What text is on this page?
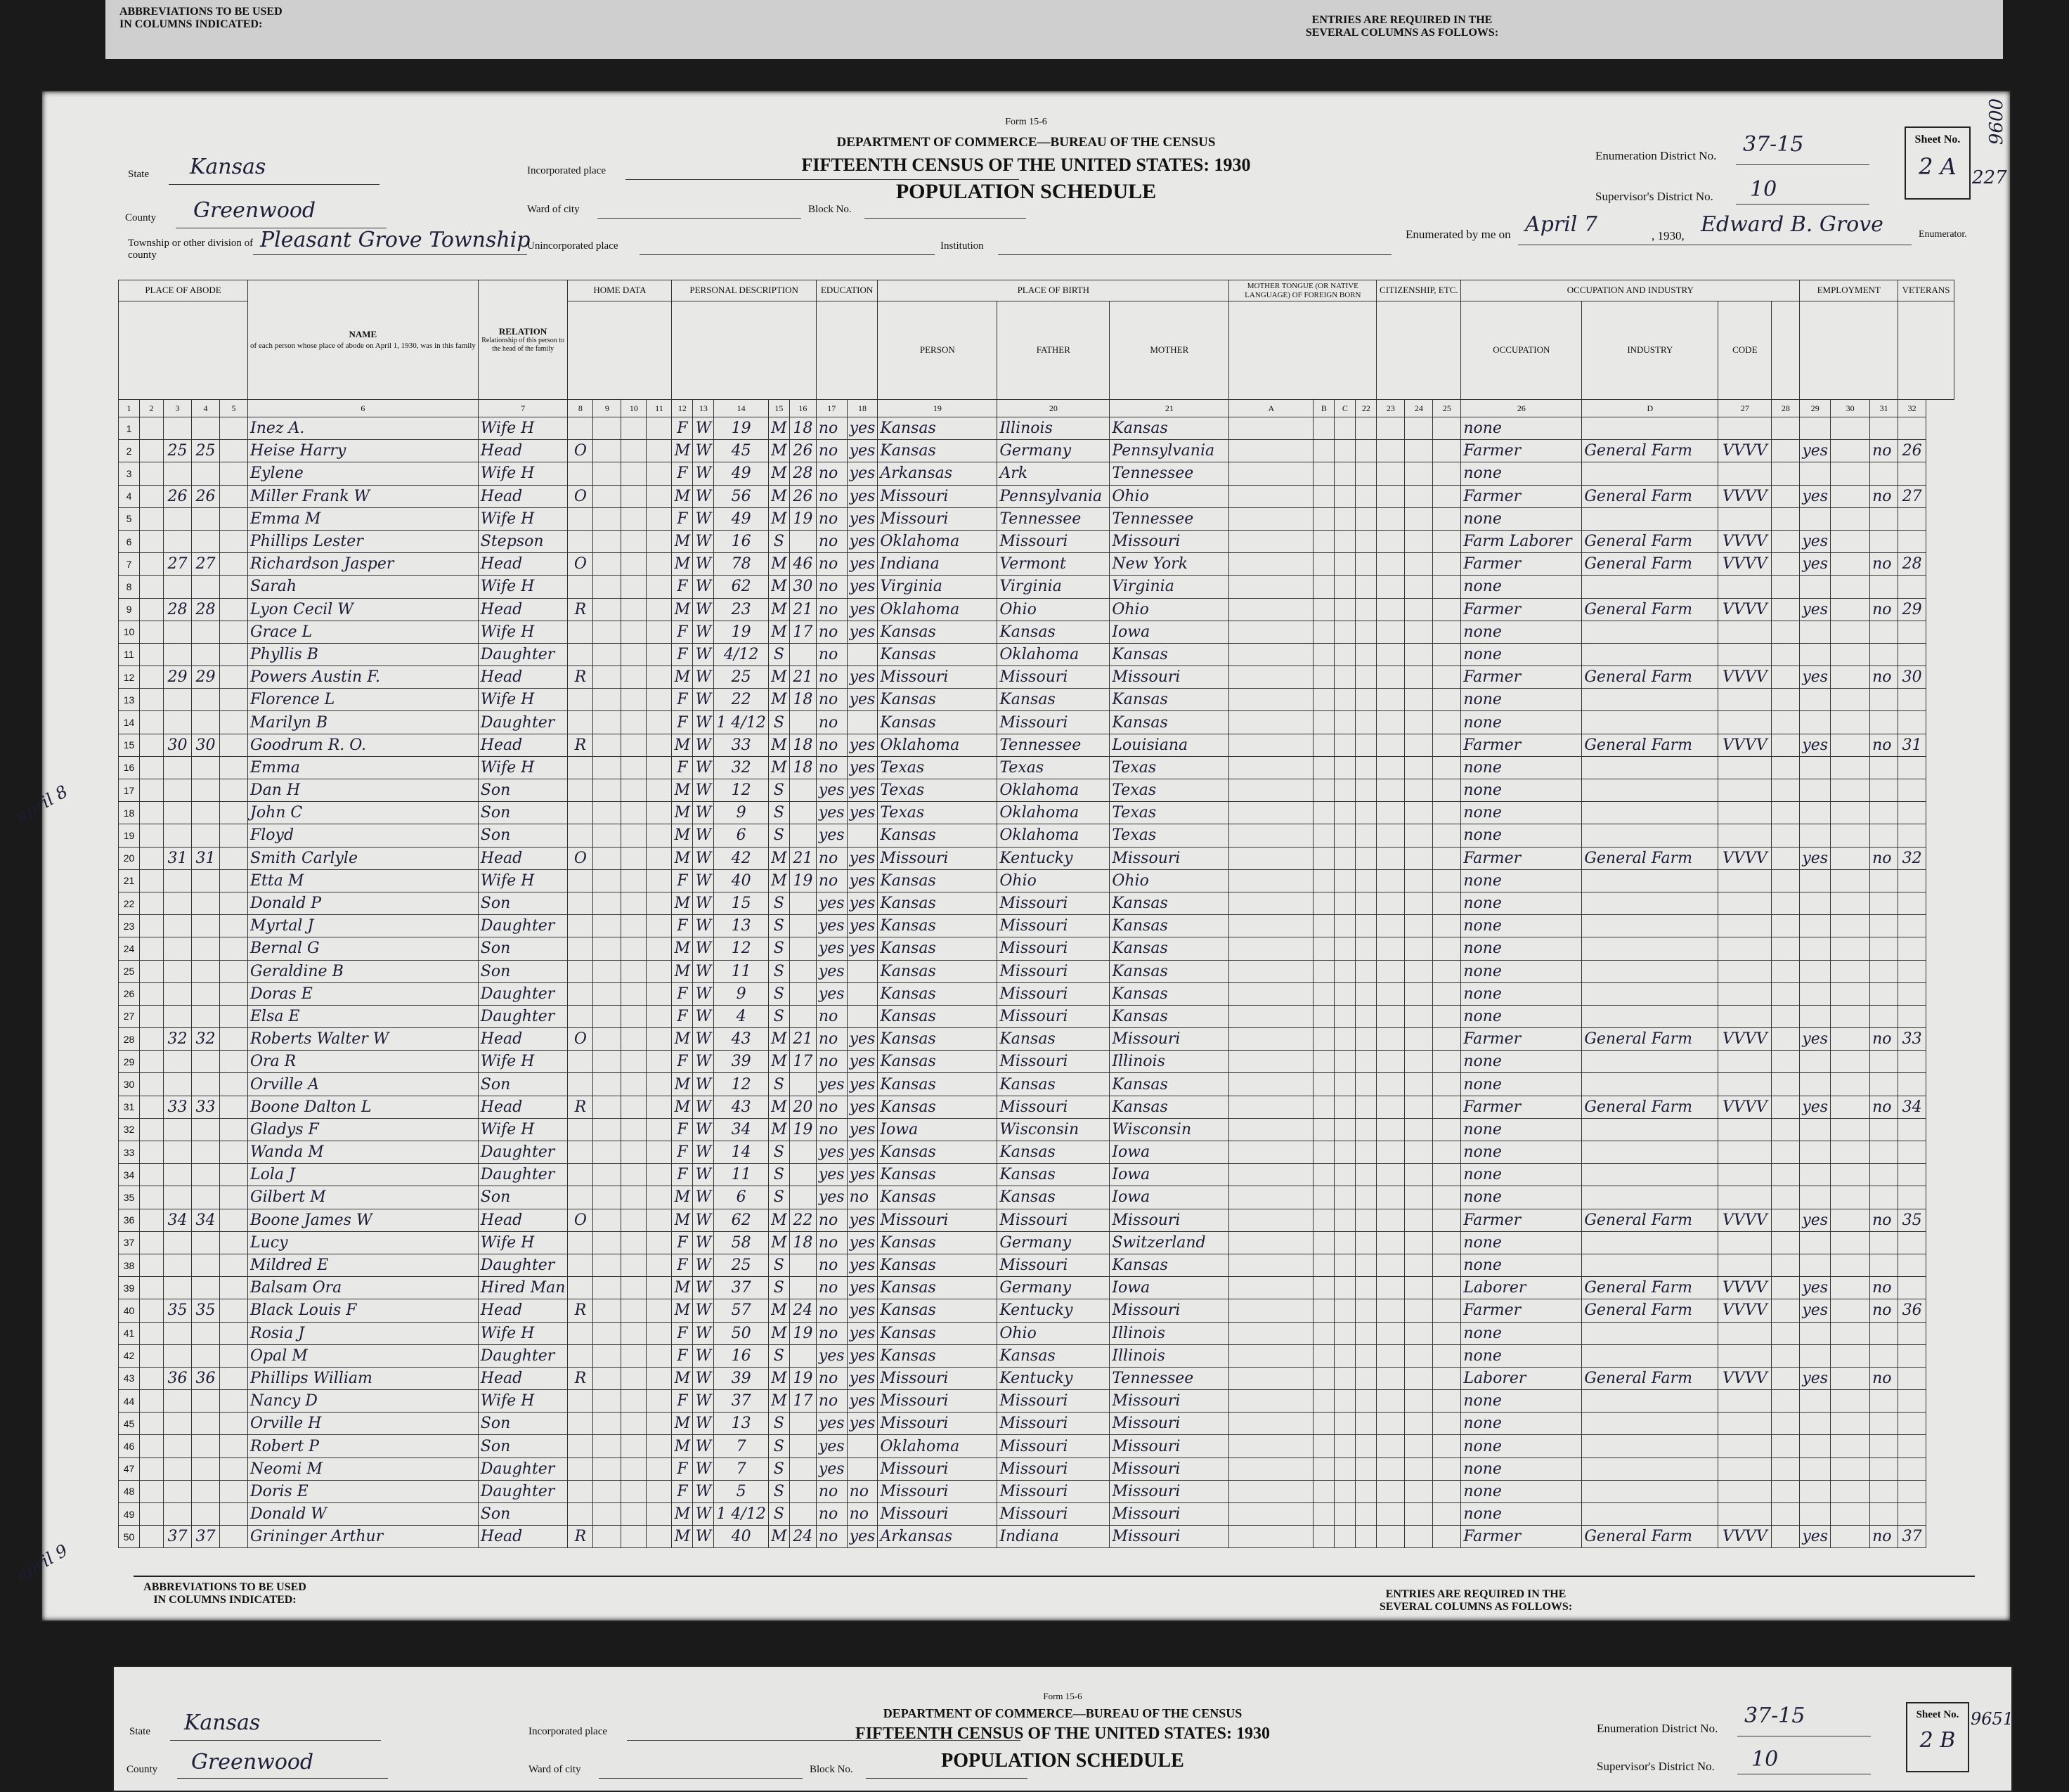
ABBREVIATIONS TO BE USED IN COLUMNS INDICATED:	ENTRIES ARE REQUIRED IN THE SEVERAL COLUMNS AS FOLLOWS:
Form 15-6
DEPARTMENT OF COMMERCE—BUREAU OF THE CENSUS
FIFTEENTH CENSUS OF THE UNITED STATES: 1930
POPULATION SCHEDULE
State Kansas
County Greenwood
Township or other division of county
Pleasant Grove Township
Incorporated place
Ward of city	Block No.
Unincorporated place	Institution
Enumeration District No. 37-15
Supervisor's District No. 10
Enumerated by me on April 7	, 1930, Edward B. Grove	Enumerator.
Sheet No.
2 A
9600
227
PLACE OF ABODE					NAME
of each person whose place of abode on April 1, 1930, was in this family	RELATION

Relationship of this person to the head of the family	HOME DATA				PERSONAL DESCRIPTION					EDUCATION		PLACE OF BIRTH			MOTHER TONGUE (OR NATIVE LANGUAGE) OF FOREIGN BORN				CITIZENSHIP, ETC.			OCCUPATION AND INDUSTRY				EMPLOYMENT			VETERANS
																		PERSON	FATHER	MOTHER								OCCUPATION	INDUSTRY	CODE					
1	2	3	4	5	6	7	8	9	10	11	12	13	14	15	16	17	18	19	20	21	A	B	C	22	23	24	25	26	D	27	28	29	30	31	32
1					Inez A.	Wife H					F	W	19	M	18	no	yes	Kansas	Illinois	Kansas								none							
2		25	25		Heise Harry	Head	O				M	W	45	M	26	no	yes	Kansas	Germany	Pennsylvania								Farmer	General Farm	VVVV		yes		no	26
3					Eylene	Wife H					F	W	49	M	28	no	yes	Arkansas	Ark	Tennessee								none							
4		26	26		Miller Frank W	Head	O				M	W	56	M	26	no	yes	Missouri	Pennsylvania	Ohio								Farmer	General Farm	VVVV		yes		no	27
5					Emma M	Wife H					F	W	49	M	19	no	yes	Missouri	Tennessee	Tennessee								none							
6					Phillips Lester	Stepson					M	W	16	S		no	yes	Oklahoma	Missouri	Missouri								Farm Laborer	General Farm	VVVV		yes			
7		27	27		Richardson Jasper	Head	O				M	W	78	M	46	no	yes	Indiana	Vermont	New York								Farmer	General Farm	VVVV		yes		no	28
8					Sarah	Wife H					F	W	62	M	30	no	yes	Virginia	Virginia	Virginia								none							
9		28	28		Lyon Cecil W	Head	R				M	W	23	M	21	no	yes	Oklahoma	Ohio	Ohio								Farmer	General Farm	VVVV		yes		no	29
10					Grace L	Wife H					F	W	19	M	17	no	yes	Kansas	Kansas	Iowa								none							
11					Phyllis B	Daughter					F	W	4/12	S		no		Kansas	Oklahoma	Kansas								none							
12		29	29		Powers Austin F.	Head	R				M	W	25	M	21	no	yes	Missouri	Missouri	Missouri								Farmer	General Farm	VVVV		yes		no	30
13					Florence L	Wife H					F	W	22	M	18	no	yes	Kansas	Kansas	Kansas								none							
14					Marilyn B	Daughter					F	W	1 4/12	S		no		Kansas	Missouri	Kansas								none							
15		30	30		Goodrum R. O.	Head	R				M	W	33	M	18	no	yes	Oklahoma	Tennessee	Louisiana								Farmer	General Farm	VVVV		yes		no	31
16					Emma	Wife H					F	W	32	M	18	no	yes	Texas	Texas	Texas								none							
17					Dan H	Son					M	W	12	S		yes	yes	Texas	Oklahoma	Texas								none							
18					John C	Son					M	W	9	S		yes	yes	Texas	Oklahoma	Texas								none							
19					Floyd	Son					M	W	6	S		yes		Kansas	Oklahoma	Texas								none							
20		31	31		Smith Carlyle	Head	O				M	W	42	M	21	no	yes	Missouri	Kentucky	Missouri								Farmer	General Farm	VVVV		yes		no	32
21					Etta M	Wife H					F	W	40	M	19	no	yes	Kansas	Ohio	Ohio								none							
22					Donald P	Son					M	W	15	S		yes	yes	Kansas	Missouri	Kansas								none							
23					Myrtal J	Daughter					F	W	13	S		yes	yes	Kansas	Missouri	Kansas								none							
24					Bernal G	Son					M	W	12	S		yes	yes	Kansas	Missouri	Kansas								none							
25					Geraldine B	Son					M	W	11	S		yes		Kansas	Missouri	Kansas								none							
26					Doras E	Daughter					F	W	9	S		yes		Kansas	Missouri	Kansas								none							
27					Elsa E	Daughter					F	W	4	S		no		Kansas	Missouri	Kansas								none							
28		32	32		Roberts Walter W	Head	O				M	W	43	M	21	no	yes	Kansas	Kansas	Missouri								Farmer	General Farm	VVVV		yes		no	33
29					Ora R	Wife H					F	W	39	M	17	no	yes	Kansas	Missouri	Illinois								none							
30					Orville A	Son					M	W	12	S		yes	yes	Kansas	Kansas	Kansas								none							
31		33	33		Boone Dalton L	Head	R				M	W	43	M	20	no	yes	Kansas	Missouri	Kansas								Farmer	General Farm	VVVV		yes		no	34
32					Gladys F	Wife H					F	W	34	M	19	no	yes	Iowa	Wisconsin	Wisconsin								none							
33					Wanda M	Daughter					F	W	14	S		yes	yes	Kansas	Kansas	Iowa								none							
34					Lola J	Daughter					F	W	11	S		yes	yes	Kansas	Kansas	Iowa								none							
35					Gilbert M	Son					M	W	6	S		yes	no	Kansas	Kansas	Iowa								none							
36		34	34		Boone James W	Head	O				M	W	62	M	22	no	yes	Missouri	Missouri	Missouri								Farmer	General Farm	VVVV		yes		no	35
37					Lucy	Wife H					F	W	58	M	18	no	yes	Kansas	Germany	Switzerland								none							
38					Mildred E	Daughter					F	W	25	S		no	yes	Kansas	Missouri	Kansas								none							
39					Balsam Ora	Hired Man					M	W	37	S		no	yes	Kansas	Germany	Iowa								Laborer	General Farm	VVVV		yes		no	
40		35	35		Black Louis F	Head	R				M	W	57	M	24	no	yes	Kansas	Kentucky	Missouri								Farmer	General Farm	VVVV		yes		no	36
41					Rosia J	Wife H					F	W	50	M	19	no	yes	Kansas	Ohio	Illinois								none							
42					Opal M	Daughter					F	W	16	S		yes	yes	Kansas	Kansas	Illinois								none							
43		36	36		Phillips William	Head	R				M	W	39	M	19	no	yes	Missouri	Kentucky	Tennessee								Laborer	General Farm	VVVV		yes		no	
44					Nancy D	Wife H					F	W	37	M	17	no	yes	Missouri	Missouri	Missouri								none							
45					Orville H	Son					M	W	13	S		yes	yes	Missouri	Missouri	Missouri								none							
46					Robert P	Son					M	W	7	S		yes		Oklahoma	Missouri	Missouri								none							
47					Neomi M	Daughter					F	W	7	S		yes		Missouri	Missouri	Missouri								none							
48					Doris E	Daughter					F	W	5	S		no	no	Missouri	Missouri	Missouri								none							
49					Donald W	Son					M	W	1 4/12	S		no	no	Missouri	Missouri	Missouri								none							
50		37	37		Grininger Arthur	Head	R				M	W	40	M	24	no	yes	Arkansas	Indiana	Missouri								Farmer	General Farm	VVVV		yes		no	37
april 8
april 9
ABBREVIATIONS TO BE USED IN COLUMNS INDICATED:	ENTRIES ARE REQUIRED IN THE SEVERAL COLUMNS AS FOLLOWS:
Form 15-6
DEPARTMENT OF COMMERCE—BUREAU OF THE CENSUS
FIFTEENTH CENSUS OF THE UNITED STATES: 1930
POPULATION SCHEDULE
State Kansas
County Greenwood
Incorporated place
Ward of city	Block No.
Enumeration District No.
37-15
Supervisor's District No. 10
Sheet No.
2 B
9651
